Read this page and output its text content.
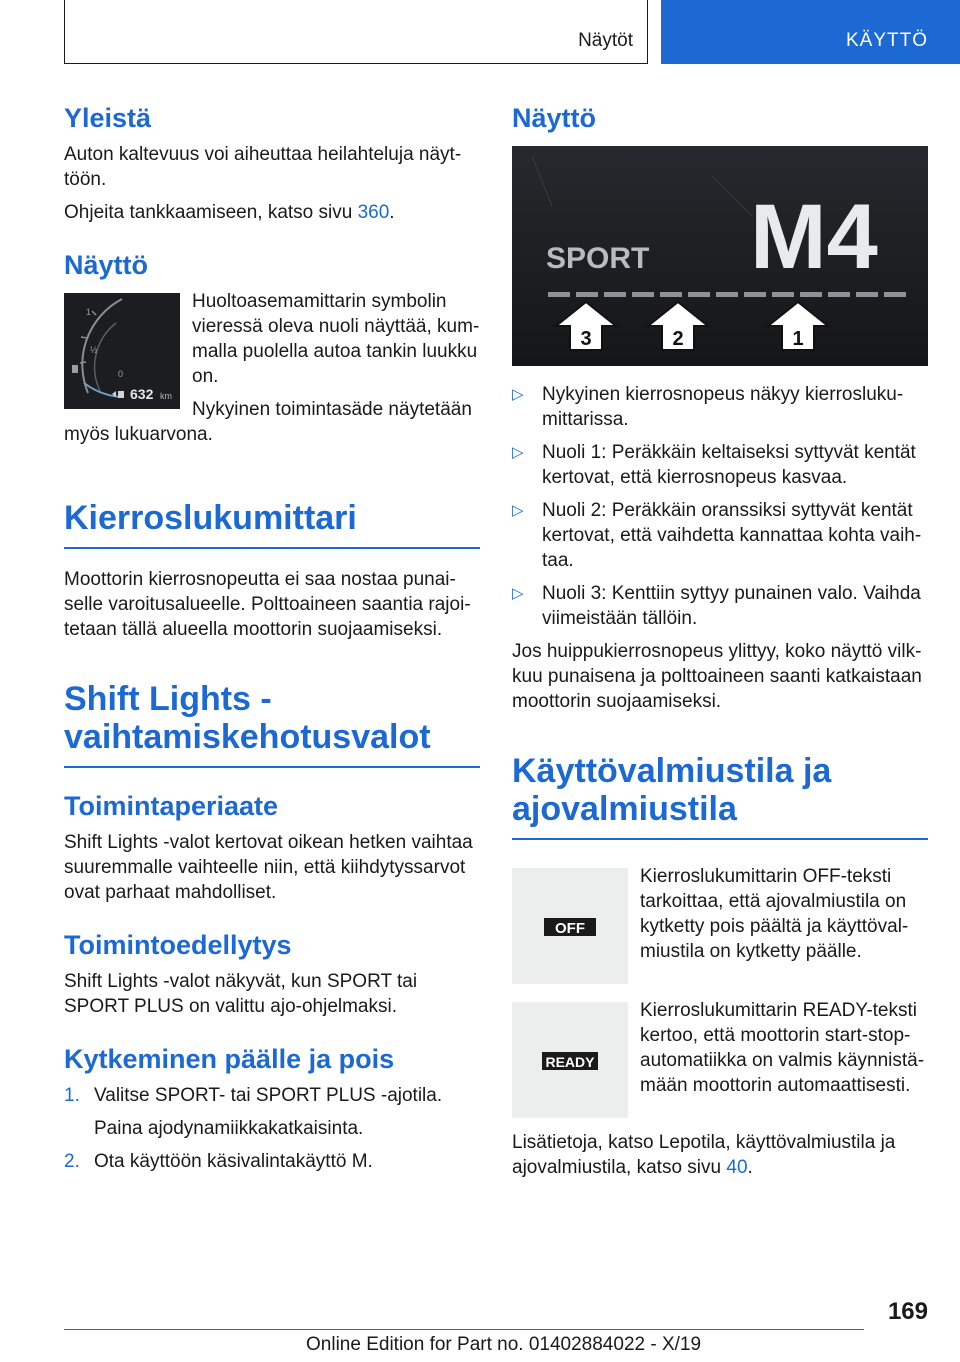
Näytöt	KÄYTTÖ
Yleistä

Auton kaltevuus voi aiheuttaa heilahteluja näyttöön.

Ohjeita tankkaamiseen, katso sivu 360.

Näyttö
1
½
0
632 km

Huoltoasemamittarin symbolin vieressä oleva nuoli näyttää, kummalla puolella autoa tankin luukku on.

Nykyinen toimintasäde näytetään myös lukuarvona.

Kierroslukumittari

Moottorin kierrosnopeutta ei saa nostaa punaiselle varoitusalueelle. Polttoaineen saantia rajoitetaan tällä alueella moottorin suojaamiseksi.

Shift Lights -
vaihtamiskehotusvalot
Toimintaperiaate

Shift Lights -valot kertovat oikean hetken vaihtaa suuremmalle vaihteelle niin, että kiihdytyssarvot ovat parhaat mahdolliset.

Toimintoedellytys

Shift Lights -valot näkyvät, kun SPORT tai SPORT PLUS on valittu ajo-ohjelmaksi.

Kytkeminen päälle ja pois
1. Valitse SPORT- tai SPORT PLUS -ajotila.
Paina ajodynamiikkakatkaisinta.
2. Ota käyttöön käsivalintakäyttö M.
Näyttö
SPORT M4
3	2	1
▷ Nykyinen kierrosnopeus näkyy kierroslukumittarissa.
▷ Nuoli 1: Peräkkäin keltaiseksi syttyvät kentät kertovat, että kierrosnopeus kasvaa.
▷ Nuoli 2: Peräkkäin oranssiksi syttyvät kentät kertovat, että vaihdetta kannattaa kohta vaihtaa.
▷ Nuoli 3: Kenttiin syttyy punainen valo. Vaihda viimeistään tällöin.

Jos huippukierrosnopeus ylittyy, koko näyttö vilkkuu punaisena ja polttoaineen saanti katkaistaan moottorin suojaamiseksi.

Käyttövalmiustila ja
ajovalmiustila
OFF

Kierroslukumittarin OFF-teksti tarkoittaa, että ajovalmiustila on kytketty pois päältä ja käyttövalmiustila on kytketty päälle.

READY

Kierroslukumittarin READY-teksti kertoo, että moottorin start-stop-automatiikka on valmis käynnistämään moottorin automaattisesti.

Lisätietoja, katso Lepotila, käyttövalmiustila ja ajovalmiustila, katso sivu 40.

169
Online Edition for Part no. 01402884022 - X/19
